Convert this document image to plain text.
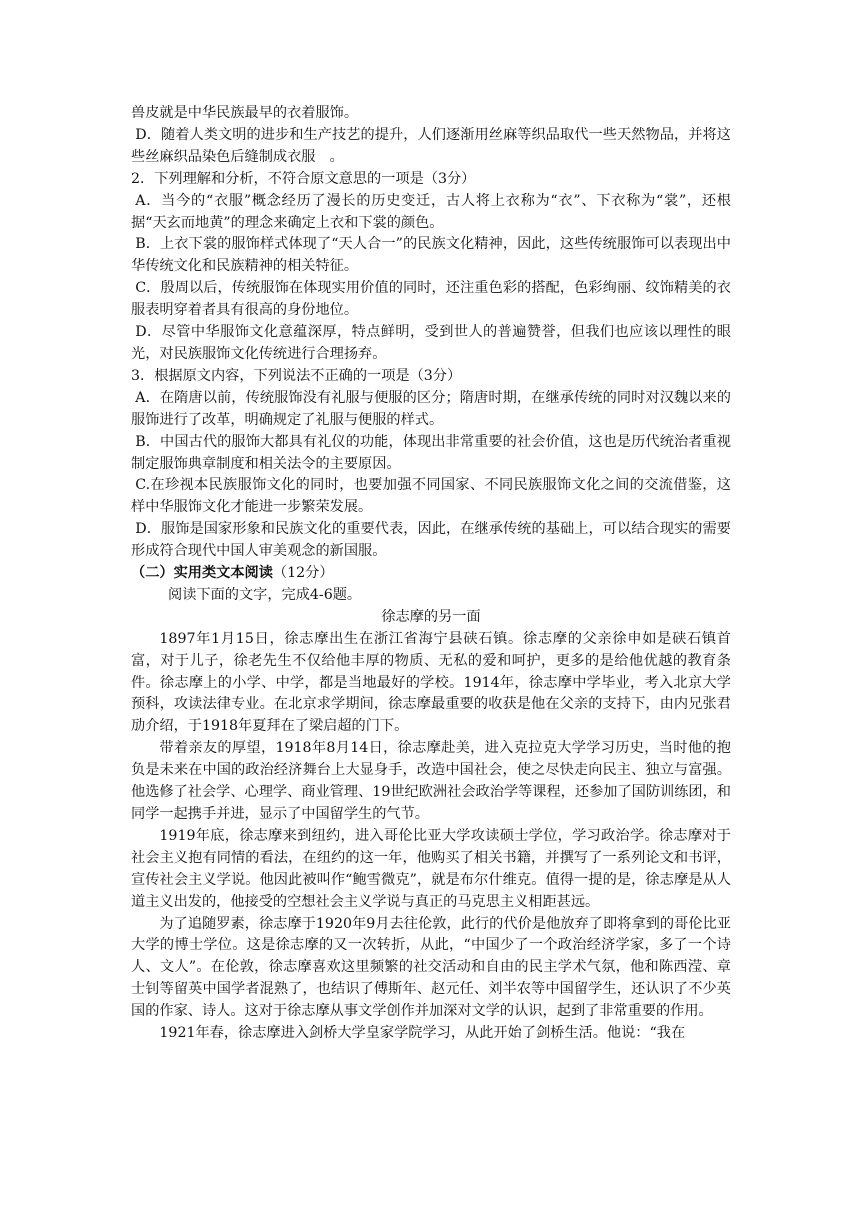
兽皮就是中华民族最早的衣着服饰。

D．随着人类文明的进步和生产技艺的提升，人们逐渐用丝麻等织品取代一些天然物品，并将这些丝麻织品染色后缝制成衣服　。

2．下列理解和分析，不符合原文意思的一项是（3分）

A．当今的“衣服”概念经历了漫长的历史变迁，古人将上衣称为“衣”、下衣称为“裳”，还根据“天玄而地黄”的理念来确定上衣和下裳的颜色。

B．上衣下裳的服饰样式体现了“天人合一”的民族文化精神，因此，这些传统服饰可以表现出中华传统文化和民族精神的相关特征。

C．殷周以后，传统服饰在体现实用价值的同时，还注重色彩的搭配，色彩绚丽、纹饰精美的衣服表明穿着者具有很高的身份地位。

D．尽管中华服饰文化意蕴深厚，特点鲜明，受到世人的普遍赞誉，但我们也应该以理性的眼光，对民族服饰文化传统进行合理扬弃。

3．根据原文内容，下列说法不正确的一项是（3分）

A．在隋唐以前，传统服饰没有礼服与便服的区分；隋唐时期，在继承传统的同时对汉魏以来的服饰进行了改革，明确规定了礼服与便服的样式。

B．中国古代的服饰大都具有礼仪的功能，体现出非常重要的社会价值，这也是历代统治者重视制定服饰典章制度和相关法令的主要原因。

C.在珍视本民族服饰文化的同时，也要加强不同国家、不同民族服饰文化之间的交流借鉴，这样中华服饰文化才能进一步繁荣发展。

D．服饰是国家形象和民族文化的重要代表，因此，在继承传统的基础上，可以结合现实的需要形成符合现代中国人审美观念的新国服。

（二）实用类文本阅读（12分）

阅读下面的文字，完成4-6题。

徐志摩的另一面

1897年1月15日，徐志摩出生在浙江省海宁县硖石镇。徐志摩的父亲徐申如是硖石镇首富，对于儿子，徐老先生不仅给他丰厚的物质、无私的爱和呵护，更多的是给他优越的教育条件。徐志摩上的小学、中学，都是当地最好的学校。1914年，徐志摩中学毕业，考入北京大学预科，攻读法律专业。在北京求学期间，徐志摩最重要的收获是他在父亲的支持下，由内兄张君劢介绍，于1918年夏拜在了梁启超的门下。

带着亲友的厚望，1918年8月14日，徐志摩赴美，进入克拉克大学学习历史，当时他的抱负是未来在中国的政治经济舞台上大显身手，改造中国社会，使之尽快走向民主、独立与富强。他选修了社会学、心理学、商业管理、19世纪欧洲社会政治学等课程，还参加了国防训练团，和同学一起携手并进，显示了中国留学生的气节。

1919年底，徐志摩来到纽约，进入哥伦比亚大学攻读硕士学位，学习政治学。徐志摩对于社会主义抱有同情的看法，在纽约的这一年，他购买了相关书籍，并撰写了一系列论文和书评，宣传社会主义学说。他因此被叫作“鲍雪微克”，就是布尔什维克。值得一提的是，徐志摩是从人道主义出发的，他接受的空想社会主义学说与真正的马克思主义相距甚远。

为了追随罗素，徐志摩于1920年9月去往伦敦，此行的代价是他放弃了即将拿到的哥伦比亚大学的博士学位。这是徐志摩的又一次转折，从此，“中国少了一个政治经济学家，多了一个诗人、文人”。在伦敦，徐志摩喜欢这里频繁的社交活动和自由的民主学术气氛，他和陈西滢、章士钊等留英中国学者混熟了，也结识了傅斯年、赵元任、刘半农等中国留学生，还认识了不少英国的作家、诗人。这对于徐志摩从事文学创作并加深对文学的认识，起到了非常重要的作用。

1921年春，徐志摩进入剑桥大学皇家学院学习，从此开始了剑桥生活。他说：“我在
